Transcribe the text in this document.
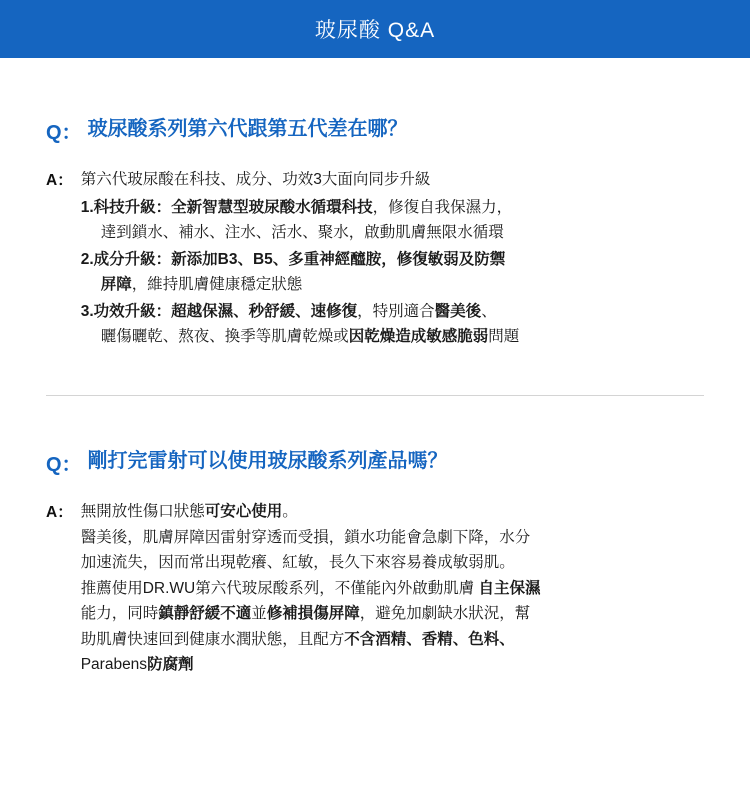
玻尿酸 Q&A
Q： 玻尿酸系列第六代跟第五代差在哪？
A： 第六代玻尿酸在科技、成分、功效3大面向同步升級

1.科技升級：全新智慧型玻尿酸水循環科技，修復自我保濕力，
達到鎖水、補水、注水、活水、聚水，啟動肌膚無限水循環
2.成分升級：新添加B3、B5、多重神經醯胺，修復敏弱及防禦
屏障，維持肌膚健康穩定狀態
3.功效升級：超越保濕、秒舒緩、速修復，特別適合醫美後、
曬傷曬乾、熬夜、換季等肌膚乾燥或因乾燥造成敏感脆弱問題
Q： 剛打完雷射可以使用玻尿酸系列產品嗎？
A： 無開放性傷口狀態可安心使用。
醫美後，肌膚屏障因雷射穿透而受損，鎖水功能會急劇下降，水分
加速流失，因而常出現乾癢、紅敏，長久下來容易養成敏弱肌。
推薦使用DR.WU第六代玻尿酸系列，不僅能內外啟動肌膚 自主保濕
能力，同時鎮靜舒緩不適並修補損傷屏障，避免加劇缺水狀況，幫
助肌膚快速回到健康水潤狀態，且配方不含酒精、香精、色料、
Parabens防腐劑
